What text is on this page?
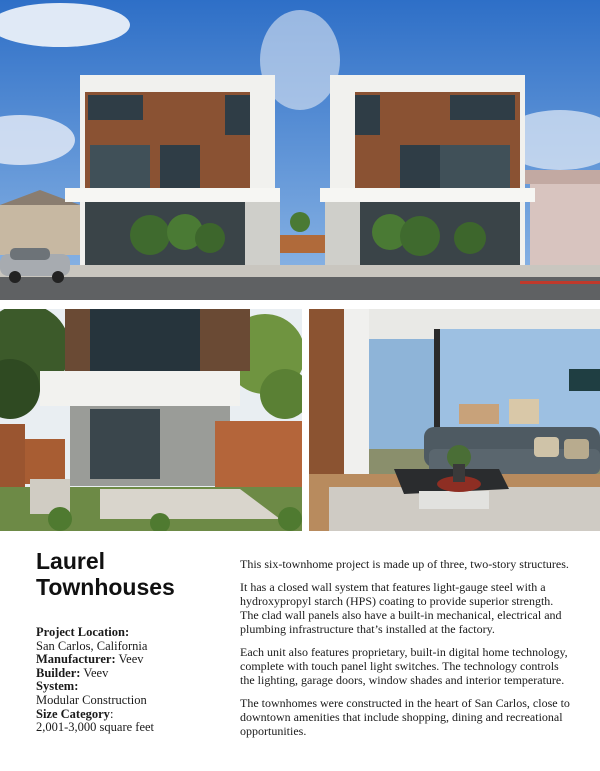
Laurel
Townhouses

Project Location:
San Carlos, California

Manufacturer: Veev

Builder: Veev

System:
Modular Construction

Size Category:
2,001-3,000 square feet

This six-townhome project is made up of three, two-story structures.

It has a closed wall system that features light-gauge steel with a hydroxypropyl starch (HPS) coating to provide superior strength. The clad wall panels also have a built-in mechanical, electrical and plumbing infrastructure that’s installed at the factory.

Each unit also features proprietary, built-in digital home technology, complete with touch panel light switches. The technology controls the lighting, garage doors, window shades and interior temperature.

The townhomes were constructed in the heart of San Carlos, close to downtown amenities that include shopping, dining and recreational opportunities.
